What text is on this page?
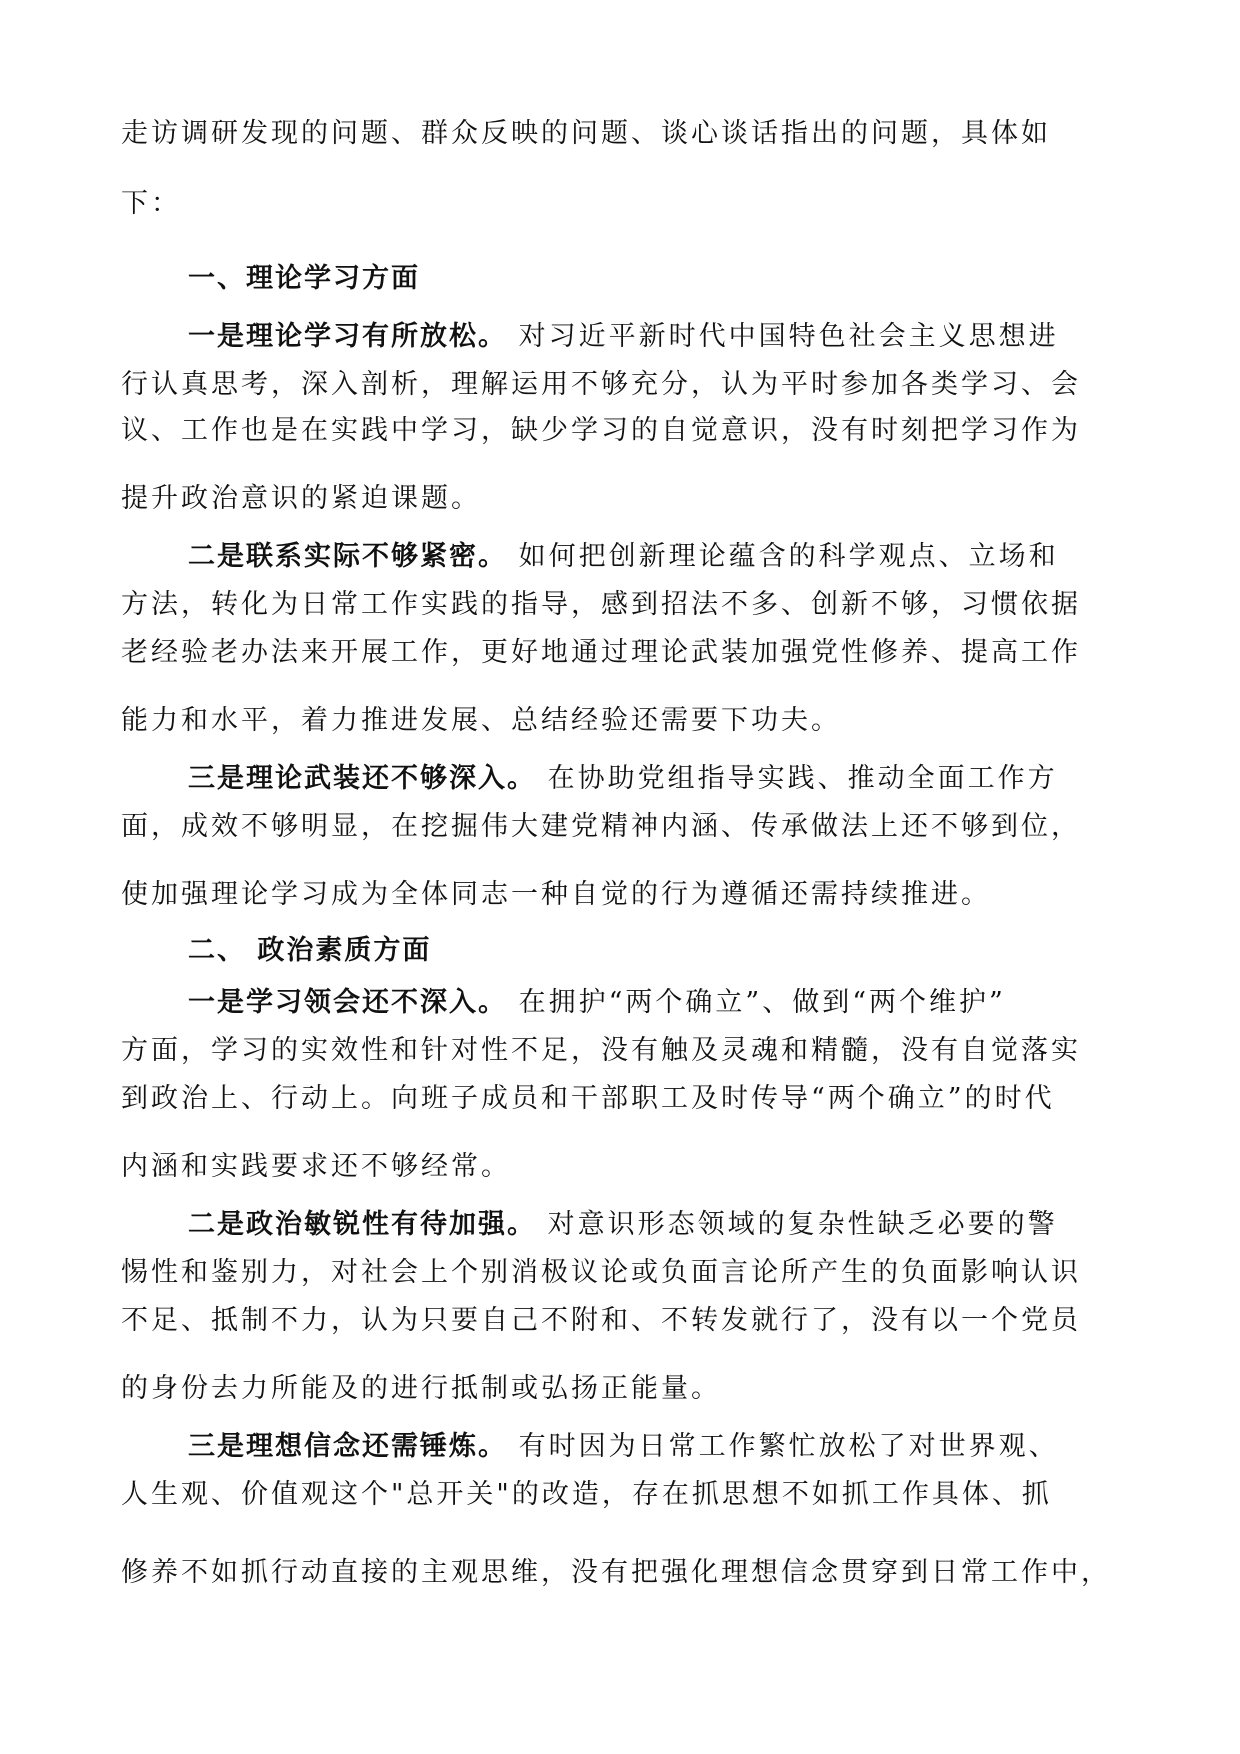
走访调研发现的问题、群众反映的问题、谈心谈话指出的问题，具体如
下：
一、理论学习方面
一是理论学习有所放松。 对习近平新时代中国特色社会主义思想进
行认真思考，深入剖析，理解运用不够充分，认为平时参加各类学习、会
议、工作也是在实践中学习，缺少学习的自觉意识，没有时刻把学习作为
提升政治意识的紧迫课题。
二是联系实际不够紧密。 如何把创新理论蕴含的科学观点、立场和
方法，转化为日常工作实践的指导，感到招法不多、创新不够，习惯依据
老经验老办法来开展工作，更好地通过理论武装加强党性修养、提高工作
能力和水平，着力推进发展、总结经验还需要下功夫。
三是理论武装还不够深入。 在协助党组指导实践、推动全面工作方
面，成效不够明显，在挖掘伟大建党精神内涵、传承做法上还不够到位，
使加强理论学习成为全体同志一种自觉的行为遵循还需持续推进。
二、 政治素质方面
一是学习领会还不深入。 在拥护“两个确立”、做到“两个维护”
方面，学习的实效性和针对性不足，没有触及灵魂和精髓，没有自觉落实
到政治上、行动上。向班子成员和干部职工及时传导“两个确立”的时代
内涵和实践要求还不够经常。
二是政治敏锐性有待加强。 对意识形态领域的复杂性缺乏必要的警
惕性和鉴别力，对社会上个别消极议论或负面言论所产生的负面影响认识
不足、抵制不力，认为只要自己不附和、不转发就行了，没有以一个党员
的身份去力所能及的进行抵制或弘扬正能量。
三是理想信念还需锤炼。 有时因为日常工作繁忙放松了对世界观、
人生观、价值观这个"总开关"的改造，存在抓思想不如抓工作具体、抓
修养不如抓行动直接的主观思维，没有把强化理想信念贯穿到日常工作中，
